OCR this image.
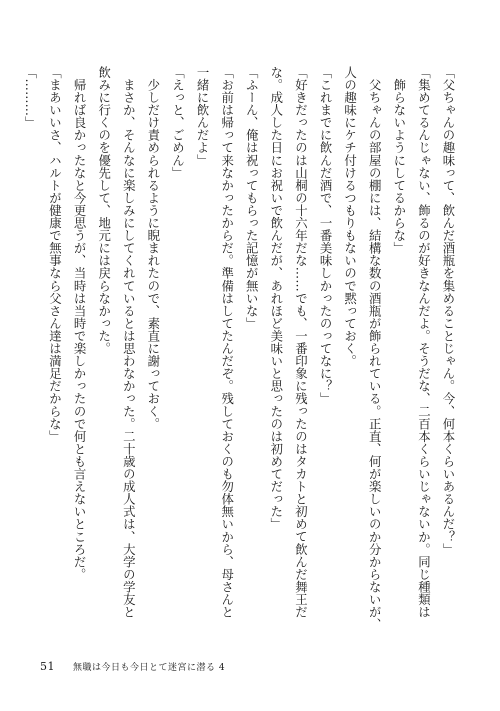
「父ちゃんの趣味って、飲んだ酒瓶を集めることじゃん。今、何本くらいあるんだ？」
「集めてるんじゃない、飾るのが好きなんだよ。そうだな、二百本くらいじゃないか。同じ種類は
　飾らないようにしてるからな」
　父ちゃんの部屋の棚には、結構な数の酒瓶が飾られている。正直、何が楽しいのか分からないが、
人の趣味にケチ付けるつもりもないので黙っておく。
「これまでに飲んだ酒で、一番美味しかったのってなに？」
「好きだったのは山桐の十六年だな……でも、一番印象に残ったのはタカトと初めて飲んだ舞王だ
な。成人した日にお祝いで飲んだが、あれほど美味いと思ったのは初めてだった」
「ふーん、俺は祝ってもらった記憶が無いな」
「お前は帰って来なかったからだ。準備はしてたんだぞ。残しておくのも勿体無いから、母さんと
一緒に飲んだよ」
「えっと、ごめん」
　少しだけ責められるように睨まれたので、素直に謝っておく。
　まさか、そんなに楽しみにしてくれているとは思わなかった。二十歳の成人式は、大学の学友と
飲みに行くのを優先して、地元には戻らなかった。
　帰れば良かったなと今更思うが、当時は当時で楽しかったので何とも言えないところだ。
「まあいいさ、ハルトが健康で無事なら父さん達は満足だからな」
「………」
51 無職は今日も今日とて迷宮に潜る 4
